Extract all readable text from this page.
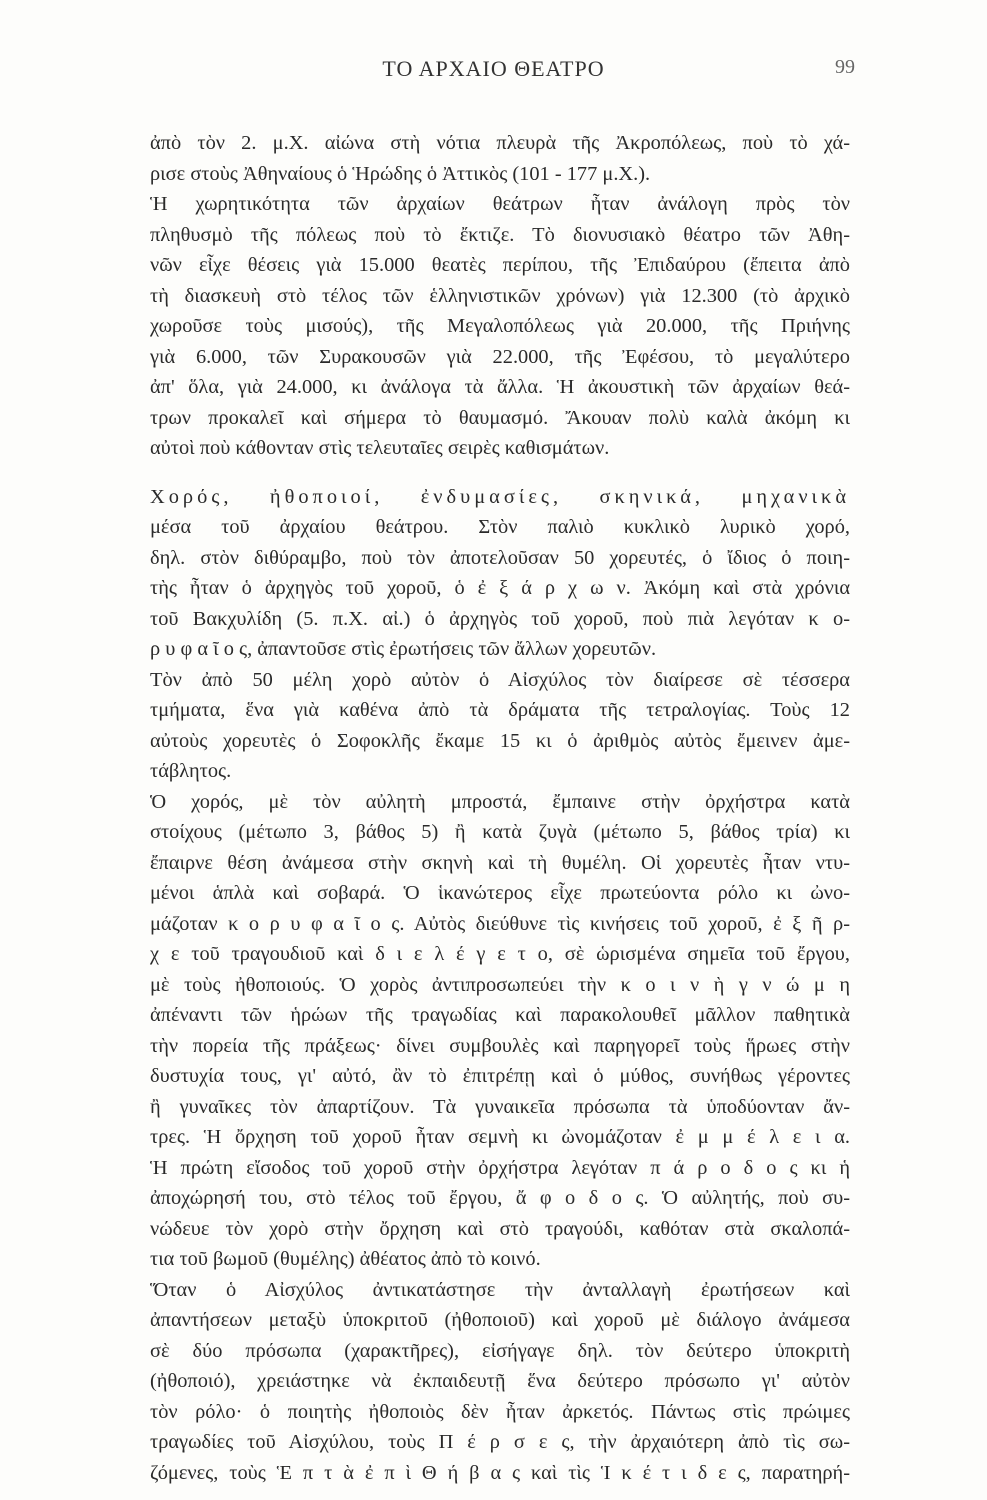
ΤΟ ΑΡΧΑΙΟ ΘΕΑΤΡΟ	99
ἀπὸ τὸν 2. μ.Χ. αἰώνα στὴ νότια πλευρὰ τῆς Ἀκροπόλεως, ποὺ τὸ χά-
ρισε στοὺς Ἀθηναίους ὁ Ἡρώδης ὁ Ἀττικὸς (101 - 177 μ.Χ.).
Ἡ χωρητικότητα τῶν ἀρχαίων θεάτρων ἦταν ἀνάλογη πρὸς τὸν
πληθυσμὸ τῆς πόλεως ποὺ τὸ ἔκτιζε. Τὸ διονυσιακὸ θέατρο τῶν Ἀθη-
νῶν εἶχε θέσεις γιὰ 15.000 θεατὲς περίπου, τῆς Ἐπιδαύρου (ἔπειτα ἀπὸ
τὴ διασκευὴ στὸ τέλος τῶν ἑλληνιστικῶν χρόνων) γιὰ 12.300 (τὸ ἀρχικὸ
χωροῦσε τοὺς μισούς), τῆς Μεγαλοπόλεως γιὰ 20.000, τῆς Πριήνης
γιὰ 6.000, τῶν Συρακουσῶν γιὰ 22.000, τῆς Ἐφέσου, τὸ μεγαλύτερο
ἀπ' ὅλα, γιὰ 24.000, κι ἀνάλογα τὰ ἄλλα. Ἡ ἀκουστικὴ τῶν ἀρχαίων θεά-
τρων προκαλεῖ καὶ σήμερα τὸ θαυμασμό. Ἄκουαν πολὺ καλὰ ἀκόμη κι
αὐτοὶ ποὺ κάθονταν στὶς τελευταῖες σειρὲς καθισμάτων.
Χορός, ἠθοποιοί, ἐνδυμασίες, σκηνικά, μηχανικὰ
μέσα τοῦ ἀρχαίου θεάτρου. Στὸν παλιὸ κυκλικὸ λυρικὸ χορό,
δηλ. στὸν διθύραμβο, ποὺ τὸν ἀποτελοῦσαν 50 χορευτές, ὁ ἴδιος ὁ ποιη-
τὴς ἦταν ὁ ἀρχηγὸς τοῦ χοροῦ, ὁ ἐ ξ ά ρ χ ω ν. Ἀκόμη καὶ στὰ χρόνια
τοῦ Βακχυλίδη (5. π.Χ. αἰ.) ὁ ἀρχηγὸς τοῦ χοροῦ, ποὺ πιὰ λεγόταν κ ο-
ρ υ φ α ῖ ο ς, ἀπαντοῦσε στὶς ἐρωτήσεις τῶν ἄλλων χορευτῶν.
Τὸν ἀπὸ 50 μέλη χορὸ αὐτὸν ὁ Αἰσχύλος τὸν διαίρεσε σὲ τέσσερα
τμήματα, ἕνα γιὰ καθένα ἀπὸ τὰ δράματα τῆς τετραλογίας. Τοὺς 12
αὐτοὺς χορευτὲς ὁ Σοφοκλῆς ἔκαμε 15 κι ὁ ἀριθμὸς αὐτὸς ἔμεινεν ἀμε-
τάβλητος.
Ὁ χορός, μὲ τὸν αὐλητὴ μπροστά, ἔμπαινε στὴν ὀρχήστρα κατὰ
στοίχους (μέτωπο 3, βάθος 5) ἢ κατὰ ζυγὰ (μέτωπο 5, βάθος τρία) κι
ἔπαιρνε θέση ἀνάμεσα στὴν σκηνὴ καὶ τὴ θυμέλη. Οἱ χορευτὲς ἦταν ντυ-
μένοι ἁπλὰ καὶ σοβαρά. Ὁ ἱκανώτερος εἶχε πρωτεύοντα ρόλο κι ὠνο-
μάζοταν κ ο ρ υ φ α ῖ ο ς. Αὐτὸς διεύθυνε τὶς κινήσεις τοῦ χοροῦ, ἐ ξ ῆ ρ-
χ ε τοῦ τραγουδιοῦ καὶ δ ι ε λ έ γ ε τ ο, σὲ ὡρισμένα σημεῖα τοῦ ἔργου,
μὲ τοὺς ἠθοποιούς. Ὁ χορὸς ἀντιπροσωπεύει τὴν κ ο ι ν ὴ γ ν ώ μ η
ἀπέναντι τῶν ἡρώων τῆς τραγωδίας καὶ παρακολουθεῖ μᾶλλον παθητικὰ
τὴν πορεία τῆς πράξεως· δίνει συμβουλὲς καὶ παρηγορεῖ τοὺς ἥρωες στὴν
δυστυχία τους, γι' αὐτό, ἂν τὸ ἐπιτρέπῃ καὶ ὁ μύθος, συνήθως γέροντες
ἢ γυναῖκες τὸν ἀπαρτίζουν. Τὰ γυναικεῖα πρόσωπα τὰ ὑποδύονταν ἄν-
τρες. Ἡ ὄρχηση τοῦ χοροῦ ἦταν σεμνὴ κι ὠνομάζοταν ἐ μ μ έ λ ε ι α.
Ἡ πρώτη εἴσοδος τοῦ χοροῦ στὴν ὀρχήστρα λεγόταν π ά ρ ο δ ο ς κι ἡ
ἀποχώρησή του, στὸ τέλος τοῦ ἔργου, ἄ φ ο δ ο ς. Ὁ αὐλητής, ποὺ συ-
νώδευε τὸν χορὸ στὴν ὄρχηση καὶ στὸ τραγούδι, καθόταν στὰ σκαλοπά-
τια τοῦ βωμοῦ (θυμέλης) ἀθέατος ἀπὸ τὸ κοινό.
Ὅταν ὁ Αἰσχύλος ἀντικατάστησε τὴν ἀνταλλαγὴ ἐρωτήσεων καὶ
ἀπαντήσεων μεταξὺ ὑποκριτοῦ (ἠθοποιοῦ) καὶ χοροῦ μὲ διάλογο ἀνάμεσα
σὲ δύο πρόσωπα (χαρακτῆρες), εἰσήγαγε δηλ. τὸν δεύτερο ὑποκριτὴ
(ἠθοποιό), χρειάστηκε νὰ ἐκπαιδευτῇ ἕνα δεύτερο πρόσωπο γι' αὐτὸν
τὸν ρόλο· ὁ ποιητὴς ἠθοποιὸς δὲν ἦταν ἀρκετός. Πάντως στὶς πρώιμες
τραγωδίες τοῦ Αἰσχύλου, τοὺς Π έ ρ σ ε ς, τὴν ἀρχαιότερη ἀπὸ τὶς σω-
ζόμενες, τοὺς Ἑ π τ ὰ ἐ π ὶ Θ ή β α ς καὶ τὶς Ἱ κ έ τ ι δ ε ς, παρατηρή-
